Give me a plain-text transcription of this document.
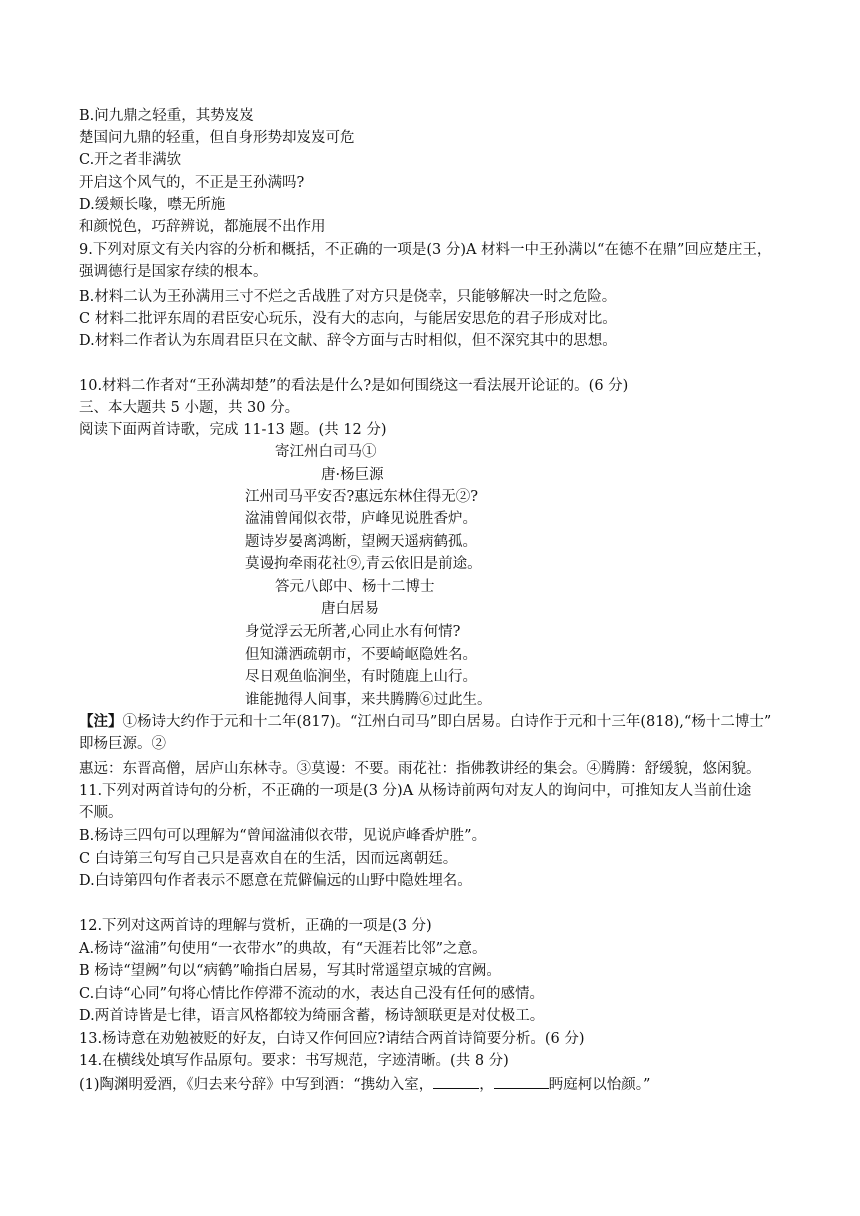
B.问九鼎之轻重，其势岌岌
楚国问九鼎的轻重，但自身形势却岌岌可危
C.开之者非满欤
开启这个风气的，不正是王孙满吗?
D.缓颊长喙，噤无所施
和颜悦色，巧辞辨说，都施展不出作用
9.下列对原文有关内容的分析和概括，不正确的一项是(3 分)A 材料一中王孙满以“在德不在鼎”回应楚庄王，
强调德行是国家存续的根本。
B.材料二认为王孙满用三寸不烂之舌战胜了对方只是侥幸，只能够解决一时之危险。
C 材料二批评东周的君臣安心玩乐，没有大的志向，与能居安思危的君子形成对比。
D.材料二作者认为东周君臣只在文献、辞令方面与古时相似，但不深究其中的思想。
10.材料二作者对“王孙满却楚”的看法是什么?是如何围绕这一看法展开论证的。(6 分)
三、本大题共 5 小题，共 30 分。
阅读下面两首诗歌，完成 11-13 题。(共 12 分)
寄江州白司马①
唐·杨巨源
江州司马平安否?惠远东林住得无②?
湓浦曾闻似衣带，庐峰见说胜香炉。
题诗岁晏离鸿断，望阙天遥病鹤孤。
莫谩拘牵雨花社⑨,青云依旧是前途。
答元八郎中、杨十二博士
唐白居易
身觉浮云无所著,心同止水有何情?
但知潇洒疏朝市，不要崎岖隐姓名。
尽日观鱼临涧坐，有时随鹿上山行。
谁能抛得人间事，来共腾腾⑥过此生。
【注】①杨诗大约作于元和十二年(817)。“江州白司马”即白居易。白诗作于元和十三年(818),“杨十二博士”
即杨巨源。②
惠远：东晋高僧，居庐山东林寺。③莫谩：不要。雨花社：指佛教讲经的集会。④腾腾：舒缓貌，悠闲貌。
11.下列对两首诗句的分析，不正确的一项是(3 分)A 从杨诗前两句对友人的询问中，可推知友人当前仕途
不顺。
B.杨诗三四句可以理解为“曾闻湓浦似衣带，见说庐峰香炉胜”。
C 白诗第三句写自己只是喜欢自在的生活，因而远离朝廷。
D.白诗第四句作者表示不愿意在荒僻偏远的山野中隐姓埋名。
12.下列对这两首诗的理解与赏析，正确的一项是(3 分)
A.杨诗“湓浦”句使用“一衣带水”的典故，有“天涯若比邻”之意。
B 杨诗“望阙”句以“病鹤”喻指白居易，写其时常遥望京城的宫阙。
C.白诗“心同”句将心情比作停滞不流动的水，表达自己没有任何的感情。
D.两首诗皆是七律，语言风格都较为绮丽含蓄，杨诗颔联更是对仗极工。
13.杨诗意在劝勉被贬的好友，白诗又作何回应?请结合两首诗简要分析。(6 分)
14.在横线处填写作品原句。要求：书写规范，字迹清晰。(共 8 分)
(1)陶渊明爱酒，《归去来兮辞》中写到酒：“携幼入室，	，	眄庭柯以怡颜。”
